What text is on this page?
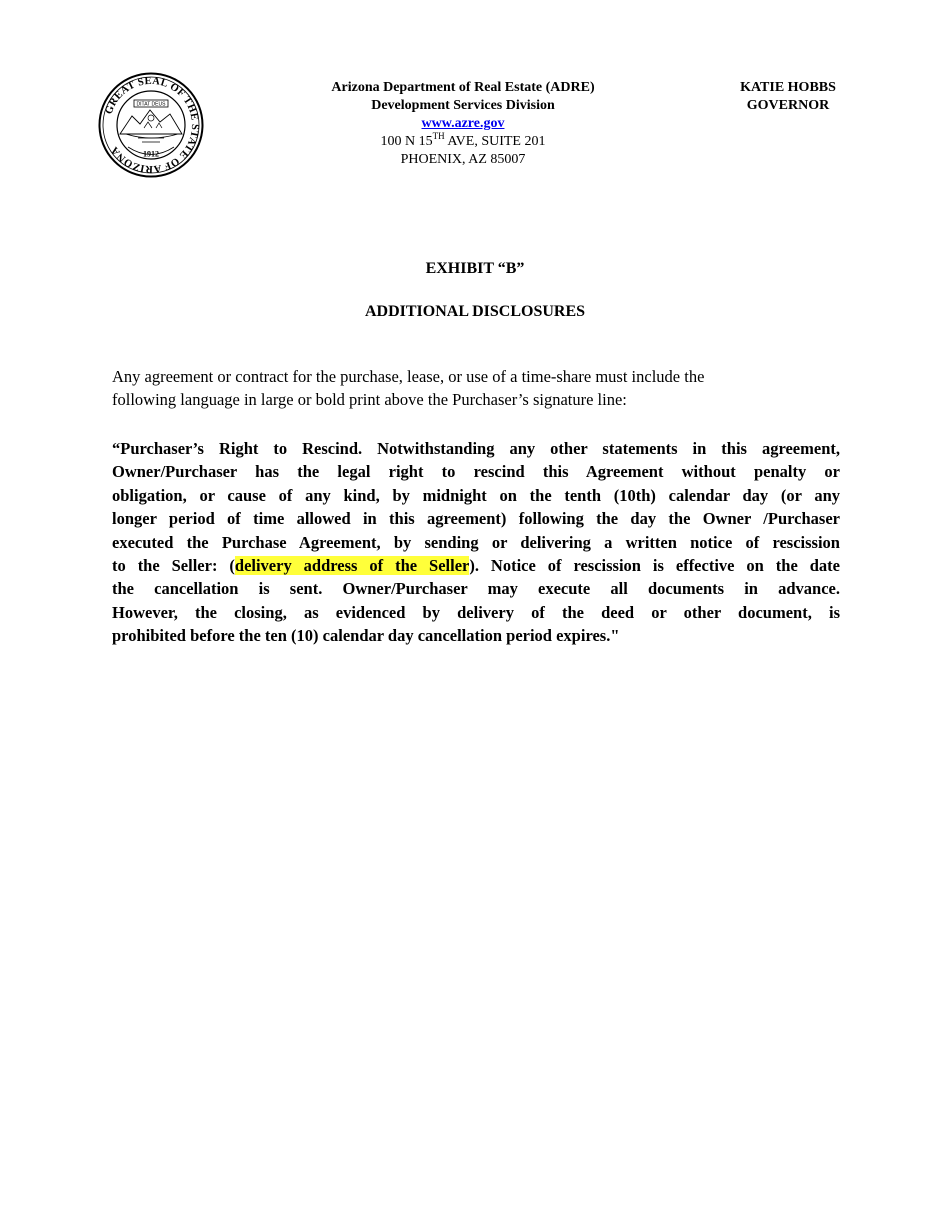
GREAT SEAL OF THE STATE OF ARIZONA
DITAT DEUS
1912
Arizona Department of Real Estate (ADRE)
Development Services Division
www.azre.gov
100 N 15TH AVE, SUITE 201
PHOENIX, AZ 85007
KATIE HOBBS
GOVERNOR
EXHIBIT “B”
ADDITIONAL DISCLOSURES
Any agreement or contract for the purchase, lease, or use of a time-share must include the
following language in large or bold print above the Purchaser’s signature line:
“Purchaser’s Right to Rescind. Notwithstanding any other statements in this agreement,
Owner/Purchaser has the legal right to rescind this Agreement without penalty or
obligation, or cause of any kind, by midnight on the tenth (10th) calendar day (or any
longer period of time allowed in this agreement) following the day the Owner /Purchaser
executed the Purchase Agreement, by sending or delivering a written notice of rescission
to the Seller: (delivery address of the Seller). Notice of rescission is effective on the date
the cancellation is sent. Owner/Purchaser may execute all documents in advance.
However, the closing, as evidenced by delivery of the deed or other document, is
prohibited before the ten (10) calendar day cancellation period expires."
